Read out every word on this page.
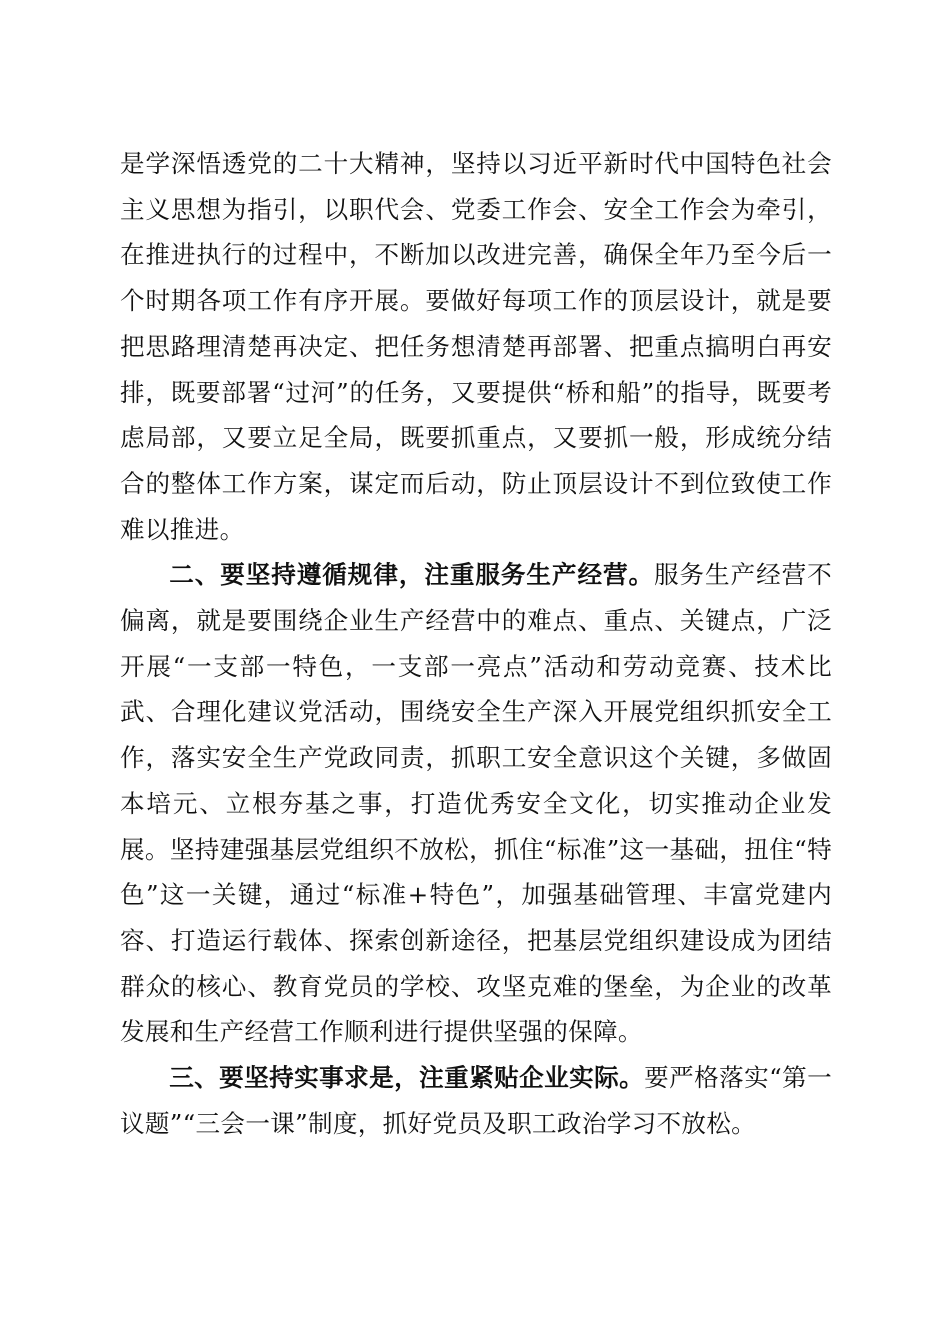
是学深悟透党的二十大精神，坚持以习近平新时代中国特色社会主义思想为指引，以职代会、党委工作会、安全工作会为牵引，在推进执行的过程中，不断加以改进完善，确保全年乃至今后一个时期各项工作有序开展。要做好每项工作的顶层设计，就是要把思路理清楚再决定、把任务想清楚再部署、把重点搞明白再安排，既要部署“过河”的任务，又要提供“桥和船”的指导，既要考虑局部，又要立足全局，既要抓重点，又要抓一般，形成统分结合的整体工作方案，谋定而后动，防止顶层设计不到位致使工作难以推进。

二、要坚持遵循规律，注重服务生产经营。服务生产经营不偏离，就是要围绕企业生产经营中的难点、重点、关键点，广泛开展“一支部一特色，一支部一亮点”活动和劳动竞赛、技术比武、合理化建议党活动，围绕安全生产深入开展党组织抓安全工作，落实安全生产党政同责，抓职工安全意识这个关键，多做固本培元、立根夯基之事，打造优秀安全文化，切实推动企业发展。坚持建强基层党组织不放松，抓住“标准”这一基础，扭住“特色”这一关键，通过“标准+特色”，加强基础管理、丰富党建内容、打造运行载体、探索创新途径，把基层党组织建设成为团结群众的核心、教育党员的学校、攻坚克难的堡垒，为企业的改革发展和生产经营工作顺利进行提供坚强的保障。

三、要坚持实事求是，注重紧贴企业实际。要严格落实“第一议题”“三会一课”制度，抓好党员及职工政治学习不放松。
